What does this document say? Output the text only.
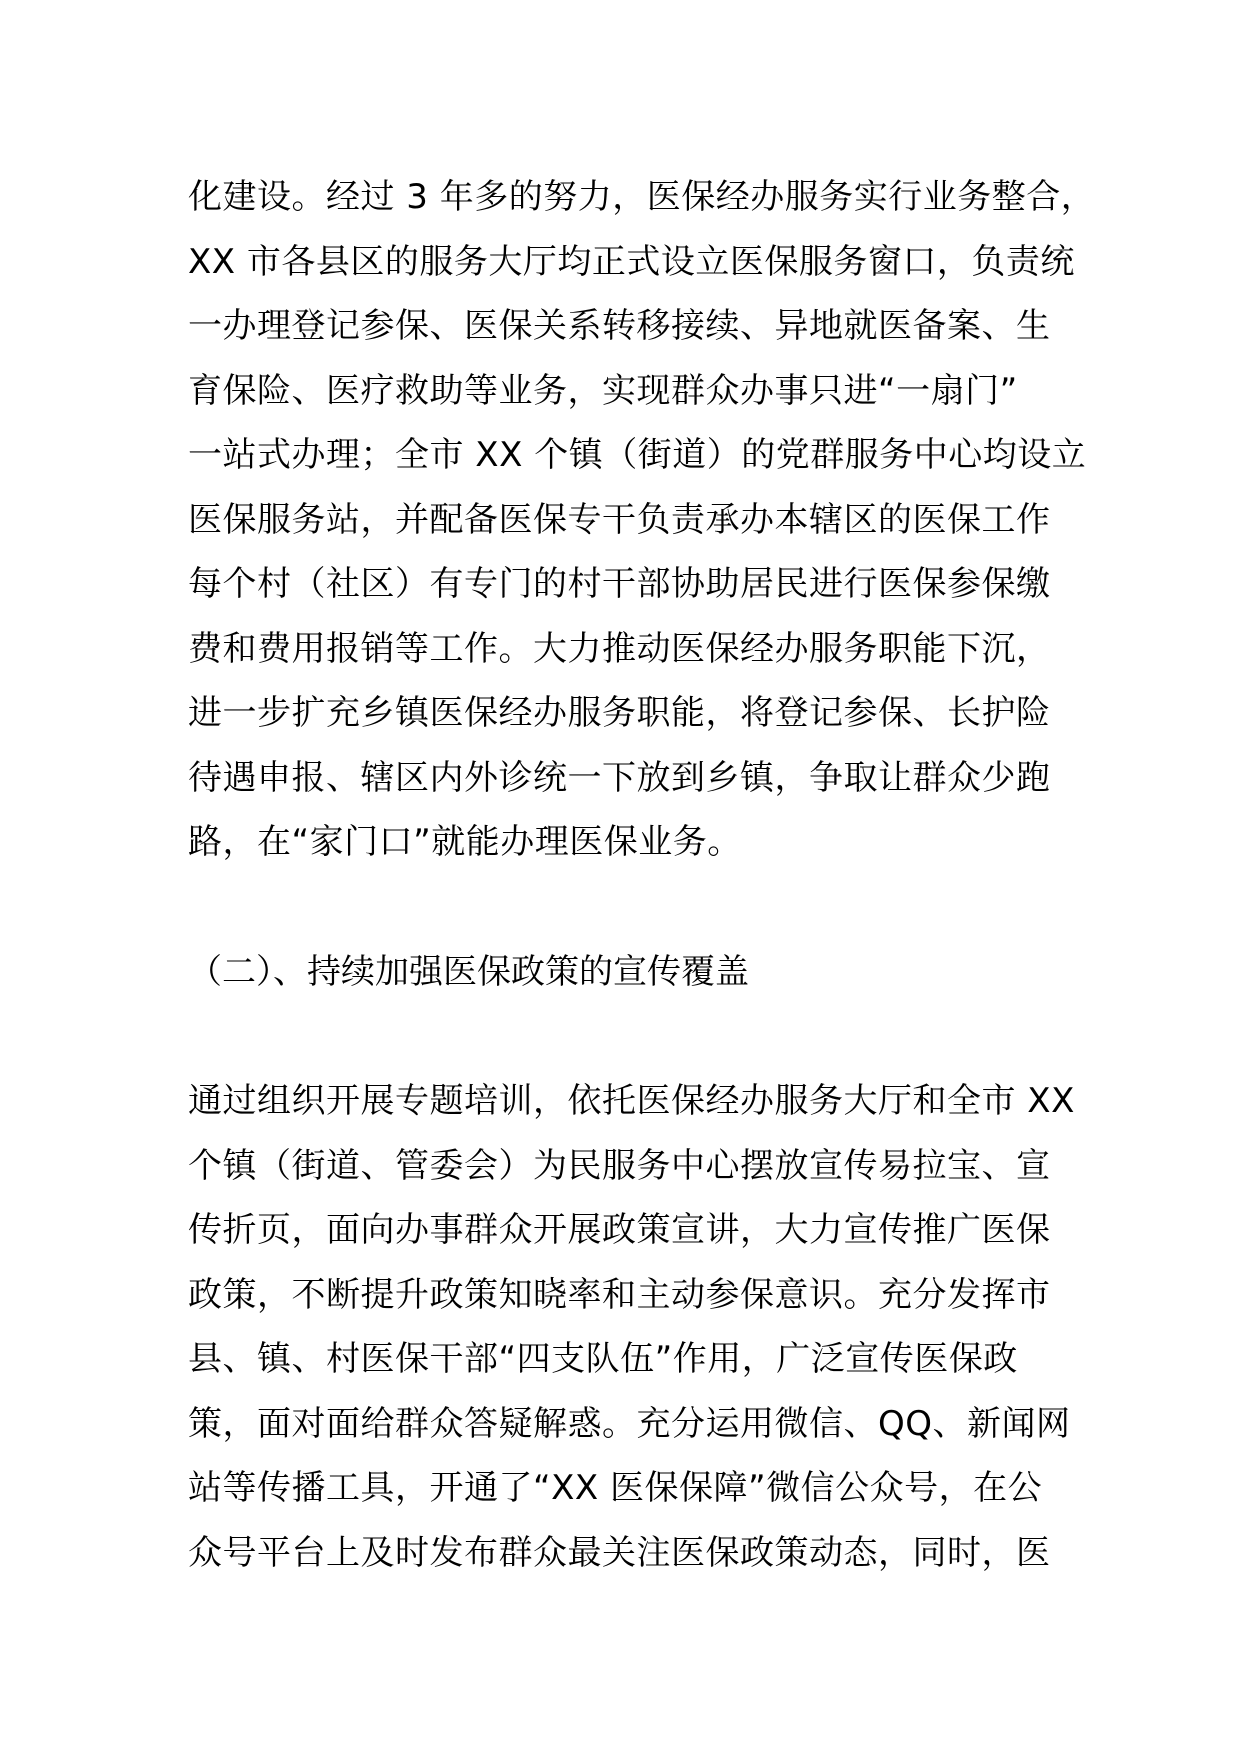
化建设。经过 3 年多的努力，医保经办服务实行业务整合，
XX 市各县区的服务大厅均正式设立医保服务窗口，负责统
一办理登记参保、医保关系转移接续、异地就医备案、生
育保险、医疗救助等业务，实现群众办事只进“一扇门”
一站式办理；全市 XX 个镇（街道）的党群服务中心均设立
医保服务站，并配备医保专干负责承办本辖区的医保工作
每个村（社区）有专门的村干部协助居民进行医保参保缴
费和费用报销等工作。大力推动医保经办服务职能下沉，
进一步扩充乡镇医保经办服务职能，将登记参保、长护险
待遇申报、辖区内外诊统一下放到乡镇，争取让群众少跑
路，在“家门口”就能办理医保业务。
（二）、持续加强医保政策的宣传覆盖
通过组织开展专题培训，依托医保经办服务大厅和全市 XX
个镇（街道、管委会）为民服务中心摆放宣传易拉宝、宣
传折页，面向办事群众开展政策宣讲，大力宣传推广医保
政策，不断提升政策知晓率和主动参保意识。充分发挥市
县、镇、村医保干部“四支队伍”作用，广泛宣传医保政
策，面对面给群众答疑解惑。充分运用微信、QQ、新闻网
站等传播工具，开通了“XX 医保保障”微信公众号，在公
众号平台上及时发布群众最关注医保政策动态，同时，医
